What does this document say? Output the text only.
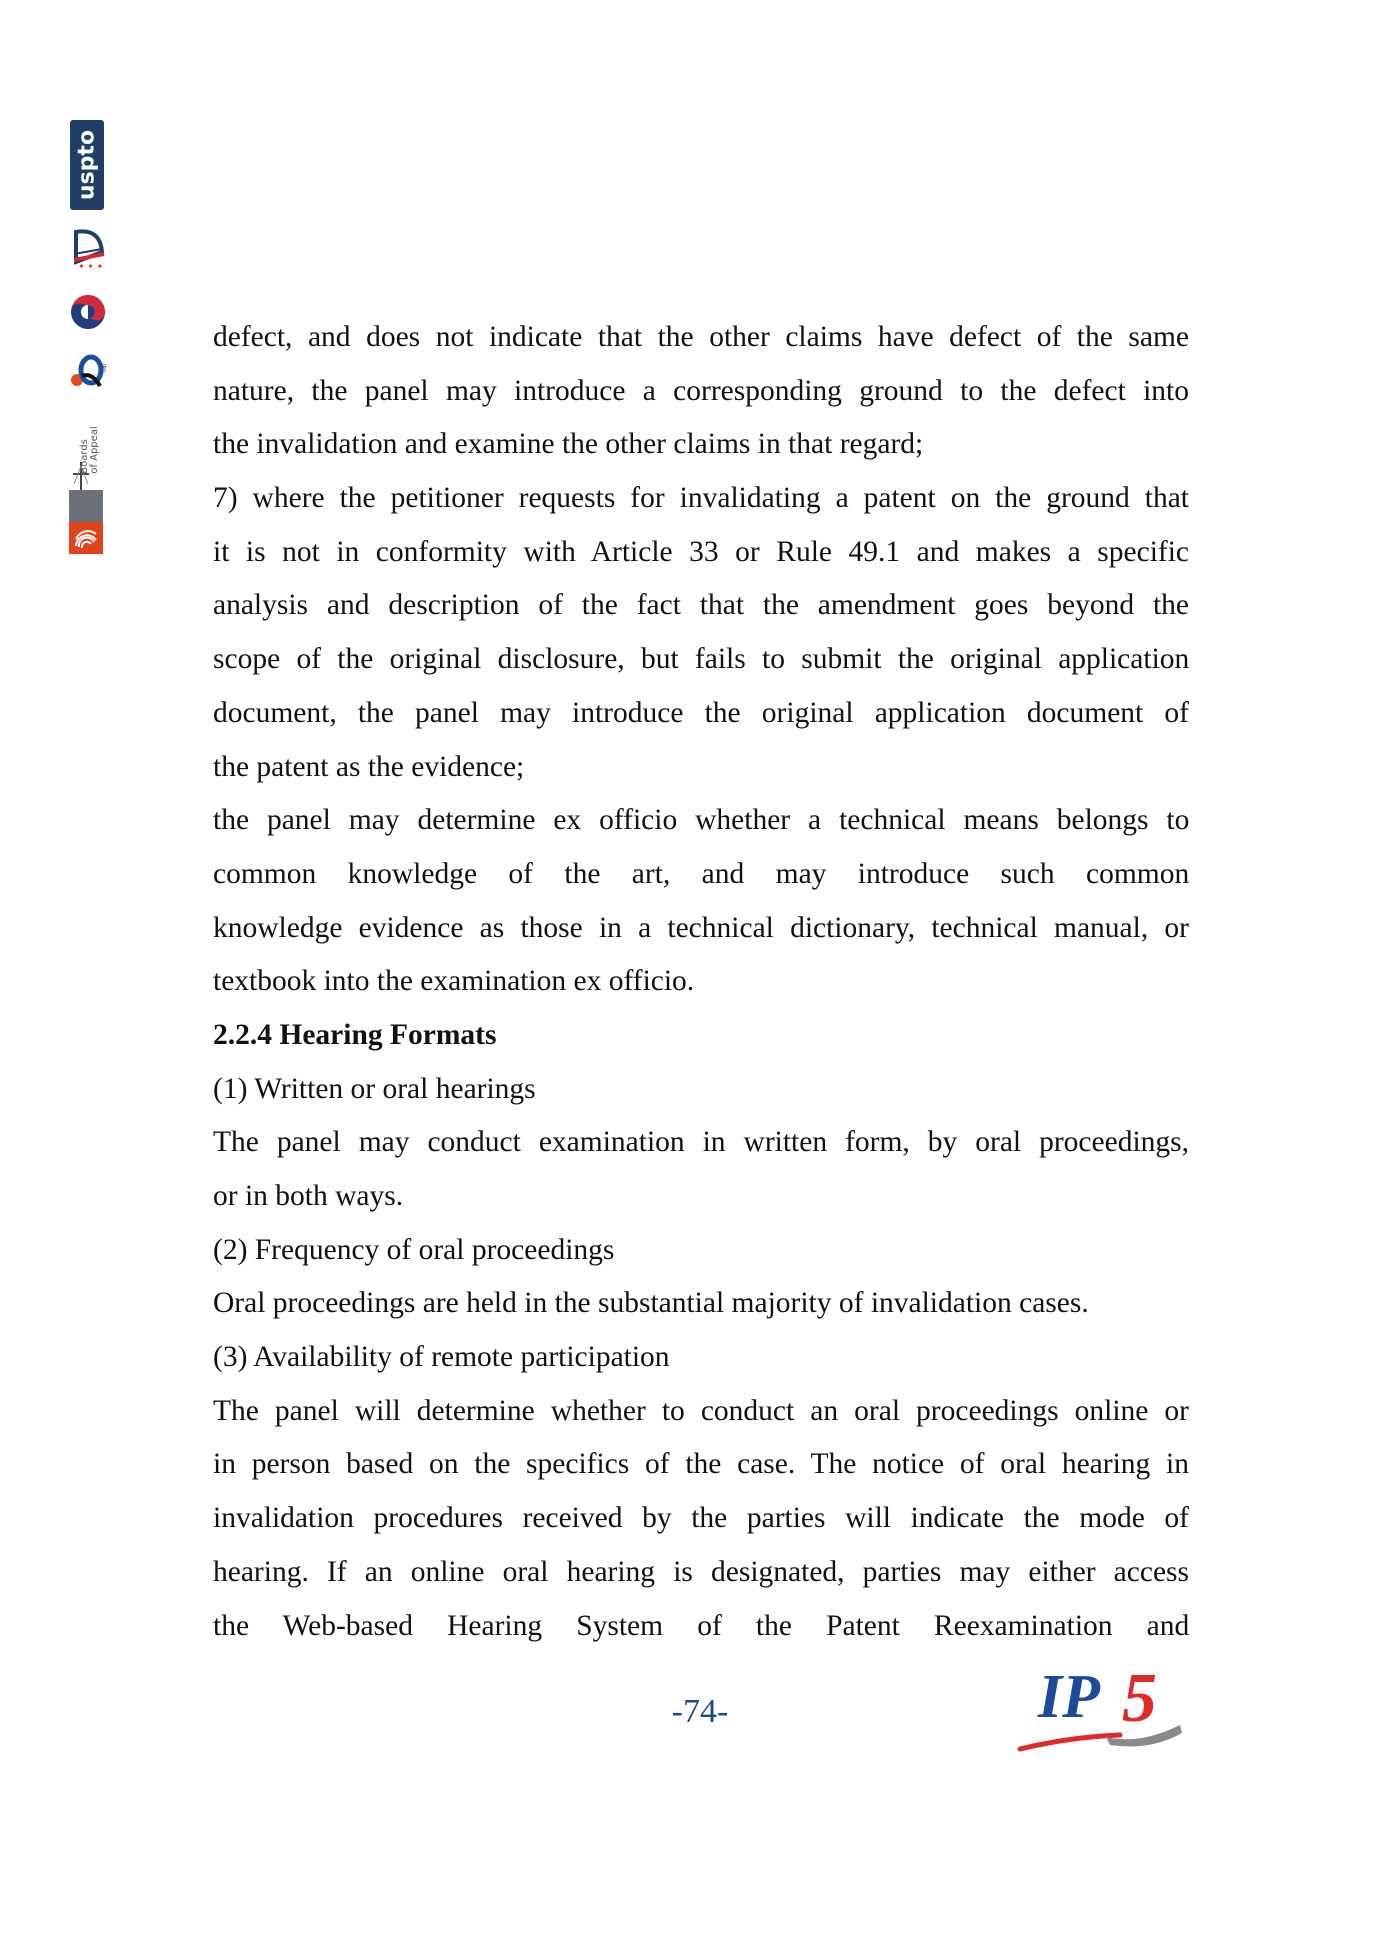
uspto
✦ ✦ ✦
JPO
Boards of Appeal
defect, and does not indicate that the other claims have defect of the same
nature, the panel may introduce a corresponding ground to the defect into
the invalidation and examine the other claims in that regard;
7) where the petitioner requests for invalidating a patent on the ground that
it is not in conformity with Article 33 or Rule 49.1 and makes a specific
analysis and description of the fact that the amendment goes beyond the
scope of the original disclosure, but fails to submit the original application
document, the panel may introduce the original application document of
the patent as the evidence;
the panel may determine ex officio whether a technical means belongs to
common knowledge of the art, and may introduce such common
knowledge evidence as those in a technical dictionary, technical manual, or
textbook into the examination ex officio.
2.2.4 Hearing Formats
(1) Written or oral hearings
The panel may conduct examination in written form, by oral proceedings,
or in both ways.
(2) Frequency of oral proceedings
Oral proceedings are held in the substantial majority of invalidation cases.
(3) Availability of remote participation
The panel will determine whether to conduct an oral proceedings online or
in person based on the specifics of the case. The notice of oral hearing in
invalidation procedures received by the parties will indicate the mode of
hearing. If an online oral hearing is designated, parties may either access
the Web-based Hearing System of the Patent Reexamination and
-74-	IP 5
